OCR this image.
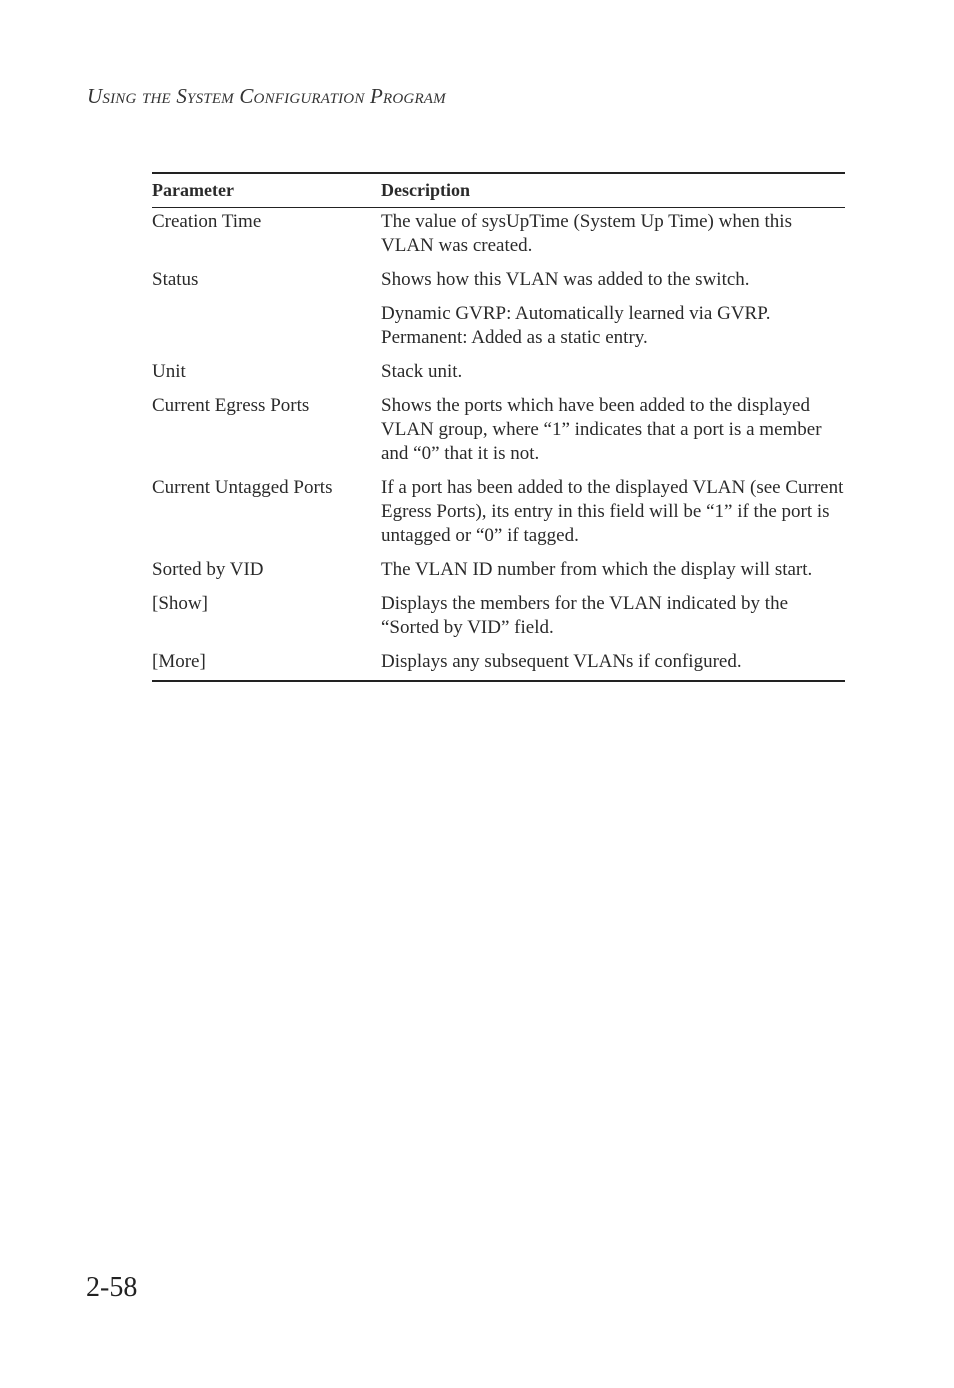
Using the System Configuration Program
Parameter	Description
Creation Time	The value of sysUpTime (System Up Time) when this VLAN was created.
Status	Shows how this VLAN was added to the switch.
	Dynamic GVRP: Automatically learned via GVRP. Permanent: Added as a static entry.
Unit	Stack unit.
Current Egress Ports	Shows the ports which have been added to the displayed VLAN group, where “1” indicates that a port is a member and “0” that it is not.
Current Untagged Ports	If a port has been added to the displayed VLAN (see Current Egress Ports), its entry in this field will be “1” if the port is untagged or “0” if tagged.
Sorted by VID	The VLAN ID number from which the display will start.
[Show]	Displays the members for the VLAN indicated by the “Sorted by VID” field.
[More]	Displays any subsequent VLANs if configured.
2-58
